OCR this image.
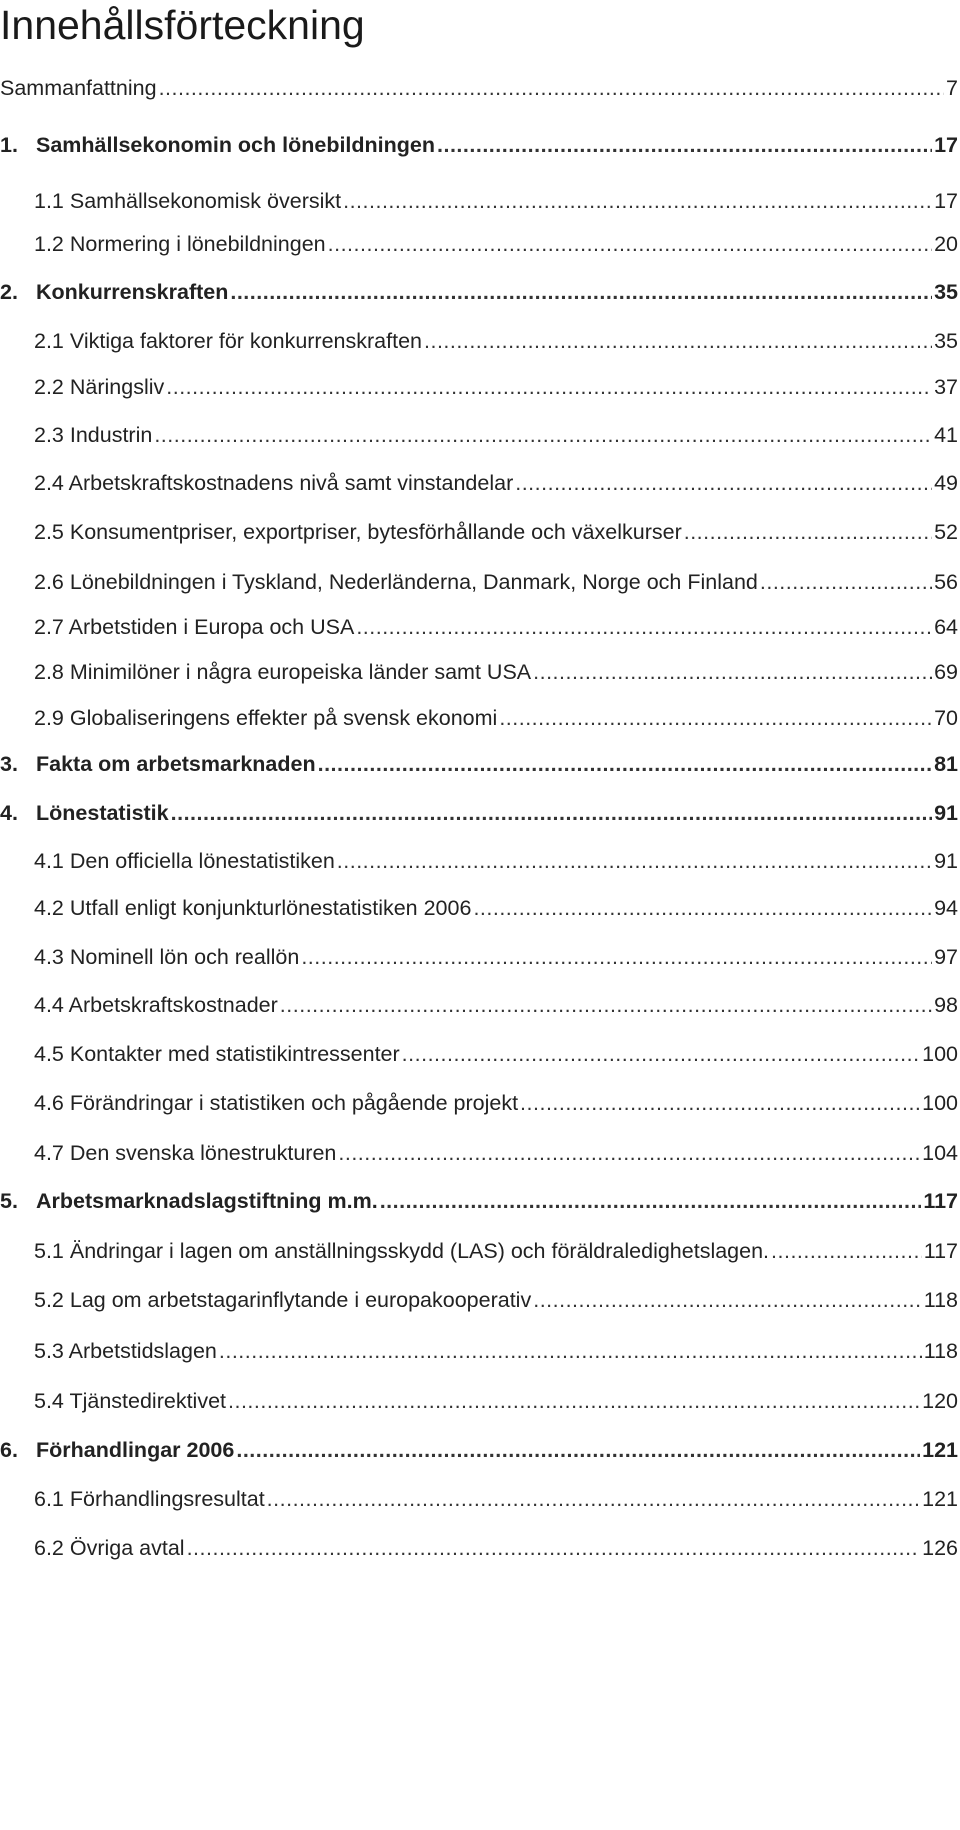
Innehållsförteckning
Sammanfattning .....	7
1. Samhällsekonomin och lönebildningen .....	17
1.1 Samhällsekonomisk översikt .....	17
1.2 Normering i lönebildningen .....	20
2. Konkurrenskraften .....	35
2.1 Viktiga faktorer för konkurrenskraften .....	35
2.2 Näringsliv .....	37
2.3 Industrin .....	41
2.4 Arbetskraftskostnadens nivå samt vinstandelar .....	49
2.5 Konsumentpriser, exportpriser, bytesförhållande och växelkurser .....	52
2.6 Lönebildningen i Tyskland, Nederländerna, Danmark, Norge och Finland .....	56
2.7 Arbetstiden i Europa och USA .....	64
2.8 Minimilöner i några europeiska länder samt USA .....	69
2.9 Globaliseringens effekter på svensk ekonomi .....	70
3. Fakta om arbetsmarknaden .....	81
4. Lönestatistik .....	91
4.1 Den officiella lönestatistiken .....	91
4.2 Utfall enligt konjunkturlönestatistiken 2006 .....	94
4.3 Nominell lön och reallön .....	97
4.4 Arbetskraftskostnader .....	98
4.5 Kontakter med statistikintressenter .....	100
4.6 Förändringar i statistiken och pågående projekt .....	100
4.7 Den svenska lönestrukturen .....	104
5. Arbetsmarknadslagstiftning m.m. .....	117
5.1 Ändringar i lagen om anställningsskydd (LAS) och föräldraledighetslagen. .....	117
5.2 Lag om arbetstagarinflytande i europakooperativ .....	118
5.3 Arbetstidslagen .....	118
5.4 Tjänstedirektivet .....	120
6. Förhandlingar 2006 .....	121
6.1 Förhandlingsresultat .....	121
6.2 Övriga avtal .....	126
